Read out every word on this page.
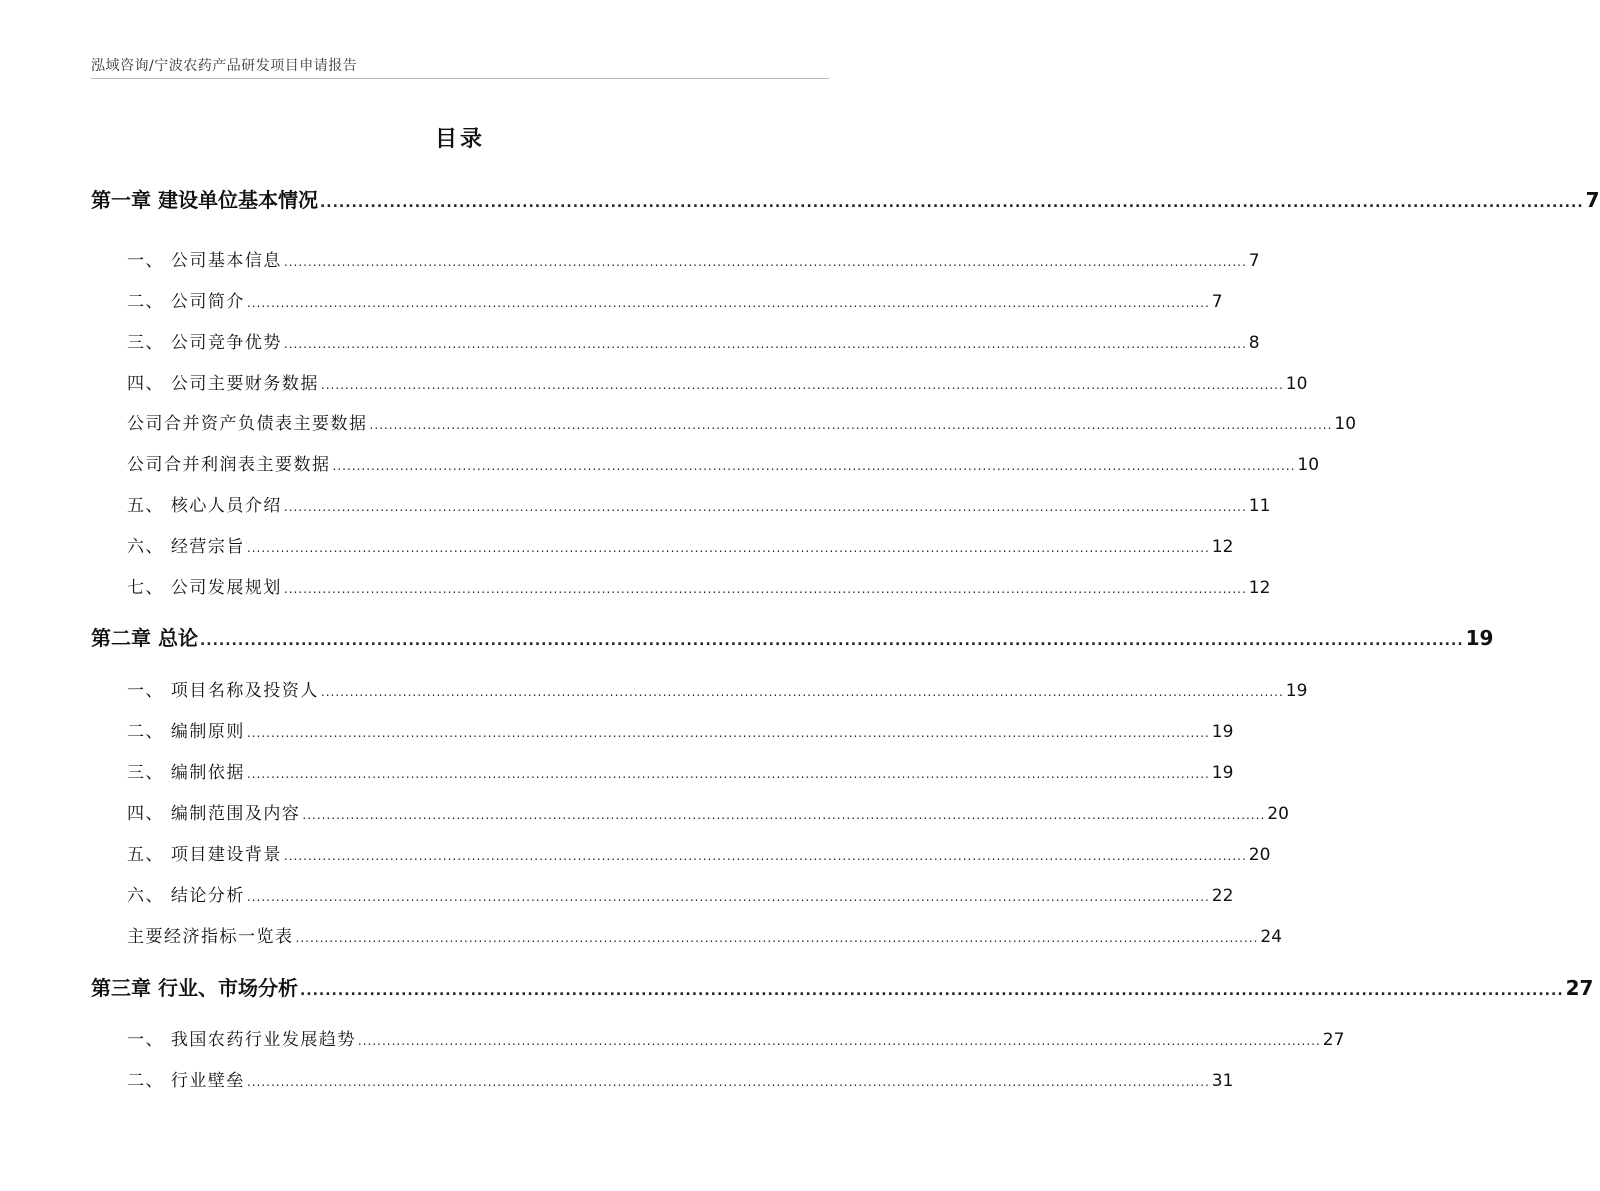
泓域咨询/宁波农药产品研发项目申请报告
目录
第一章 建设单位基本情况 ........................................................................................................................................................................................................ 7
一、 公司基本信息 ........................................................................................................................................................................................................ 7
二、 公司简介 ........................................................................................................................................................................................................ 7
三、 公司竞争优势 ........................................................................................................................................................................................................ 8
四、 公司主要财务数据 ........................................................................................................................................................................................................ 10
公司合并资产负债表主要数据 ........................................................................................................................................................................................................ 10
公司合并利润表主要数据 ........................................................................................................................................................................................................ 10
五、 核心人员介绍 ........................................................................................................................................................................................................ 11
六、 经营宗旨 ........................................................................................................................................................................................................ 12
七、 公司发展规划 ........................................................................................................................................................................................................ 12
第二章 总论 ........................................................................................................................................................................................................ 19
一、 项目名称及投资人 ........................................................................................................................................................................................................ 19
二、 编制原则 ........................................................................................................................................................................................................ 19
三、 编制依据 ........................................................................................................................................................................................................ 19
四、 编制范围及内容 ........................................................................................................................................................................................................ 20
五、 项目建设背景 ........................................................................................................................................................................................................ 20
六、 结论分析 ........................................................................................................................................................................................................ 22
主要经济指标一览表 ........................................................................................................................................................................................................ 24
第三章 行业、市场分析 ........................................................................................................................................................................................................ 27
一、 我国农药行业发展趋势 ........................................................................................................................................................................................................ 27
二、 行业壁垒 ........................................................................................................................................................................................................ 31
